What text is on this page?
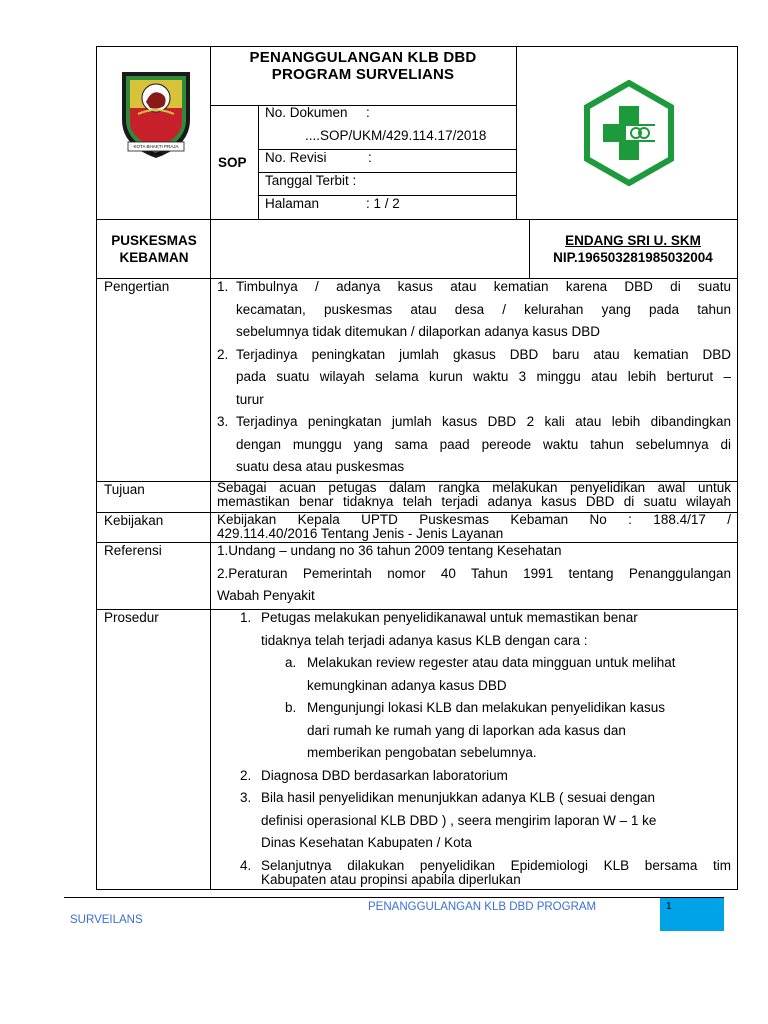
KOTA BHAKTI PRAJA BUMI
PENANGGULANGAN KLB DBD
PROGRAM SURVELIANS
SOP
No. Dokumen :
....SOP/UKM/429.114.17/2018
No. Revisi	:
Tanggal Terbit :
Halaman	: 1 / 2
PUSKESMAS
KEBAMAN
ENDANG SRI U. SKM
NIP.196503281985032004
Pengertian	1. Timbulnya / adanya kasus atau kematian karena DBD di suatu
kecamatan, puskesmas atau desa / kelurahan yang pada tahun
sebelumnya tidak ditemukan / dilaporkan adanya kasus DBD
2. Terjadinya peningkatan jumlah gkasus DBD baru atau kematian DBD
pada suatu wilayah selama kurun waktu 3 minggu atau lebih berturut –
turur
3. Terjadinya peningkatan jumlah kasus DBD 2 kali atau lebih dibandingkan
dengan munggu yang sama paad pereode waktu tahun sebelumnya di
suatu desa atau puskesmas
Tujuan	Sebagai acuan petugas dalam rangka melakukan penyelidikan awal untuk
memastikan benar tidaknya telah terjadi adanya kasus DBD di suatu wilayah
Kebijakan	Kebijakan Kepala UPTD Puskesmas Kebaman No : 188.4/17 /
429.114.40/2016 Tentang Jenis - Jenis Layanan
Referensi	1.Undang – undang no 36 tahun 2009 tentang Kesehatan
2.Peraturan Pemerintah nomor 40 Tahun 1991 tentang Penanggulangan
Wabah Penyakit
Prosedur	1. Petugas melakukan penyelidikanawal untuk memastikan benar
tidaknya telah terjadi adanya kasus KLB dengan cara :
a. Melakukan review regester atau data mingguan untuk melihat
kemungkinan adanya kasus DBD
b. Mengunjungi lokasi KLB dan melakukan penyelidikan kasus
dari rumah ke rumah yang di laporkan ada kasus dan
memberikan pengobatan sebelumnya.
2. Diagnosa DBD berdasarkan laboratorium
3. Bila hasil penyelidikan menunjukkan adanya KLB ( sesuai dengan
definisi operasional KLB DBD ) , seera mengirim laporan W – 1 ke
Dinas Kesehatan Kabupaten / Kota
4. Selanjutnya dilakukan penyelidikan Epidemiologi KLB bersama tim
Kabupaten atau propinsi apabila diperlukan
PENANGGULANGAN KLB DBD PROGRAM
SURVEILANS
1
